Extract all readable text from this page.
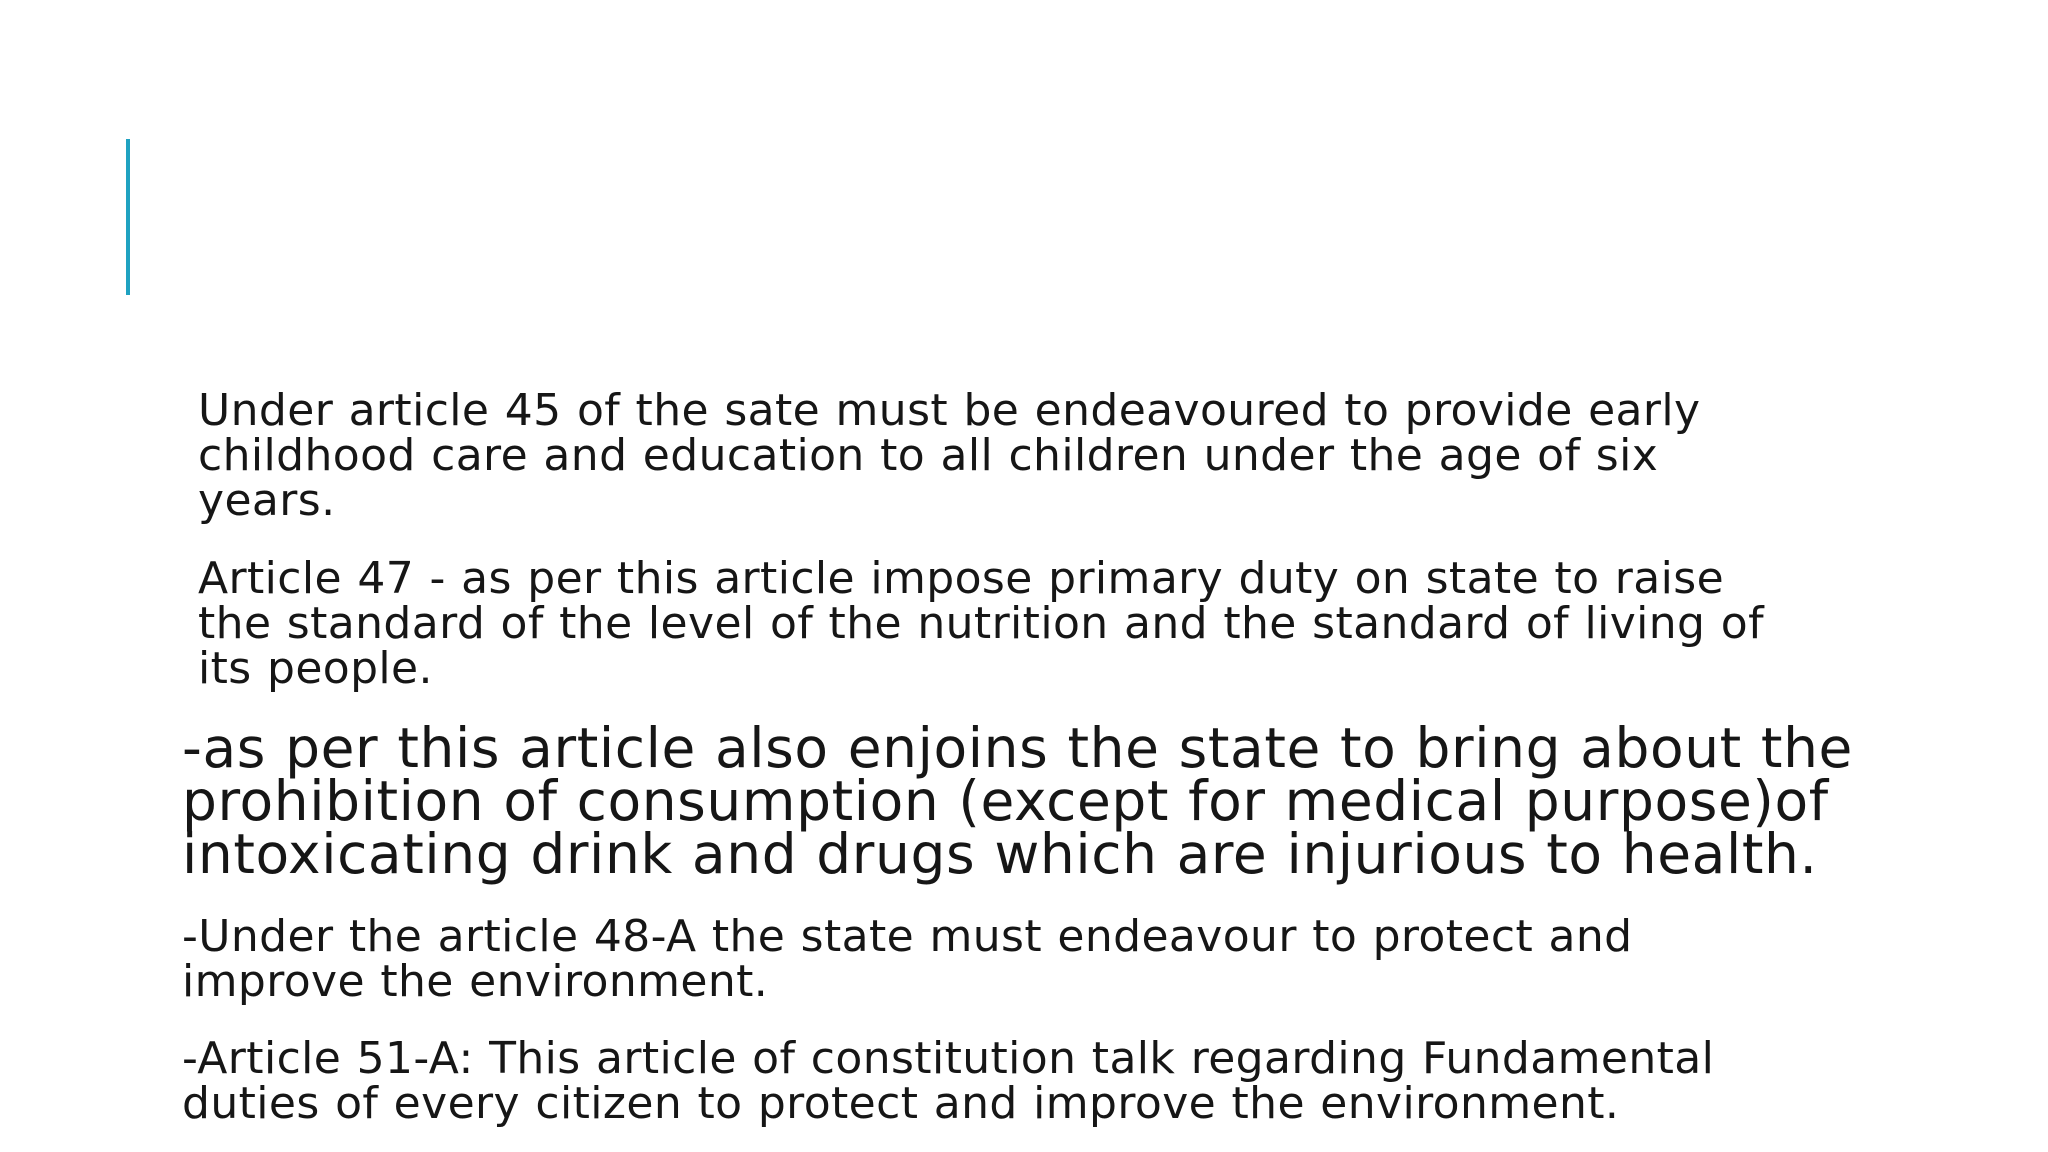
Under article 45 of the sate must be endeavoured to provide early
childhood care and education to all children under the age of six
years.

Article 47 - as per this article impose primary duty on state to raise
the standard of the level of the nutrition and the standard of living of
its people.

-as per this article also enjoins the state to bring about the
prohibition of consumption (except for medical purpose)of
intoxicating drink and drugs which are injurious to health.

-Under the article 48-A the state must endeavour to protect and
improve the environment.

-Article 51-A: This article of constitution talk regarding Fundamental
duties of every citizen to protect and improve the environment.
